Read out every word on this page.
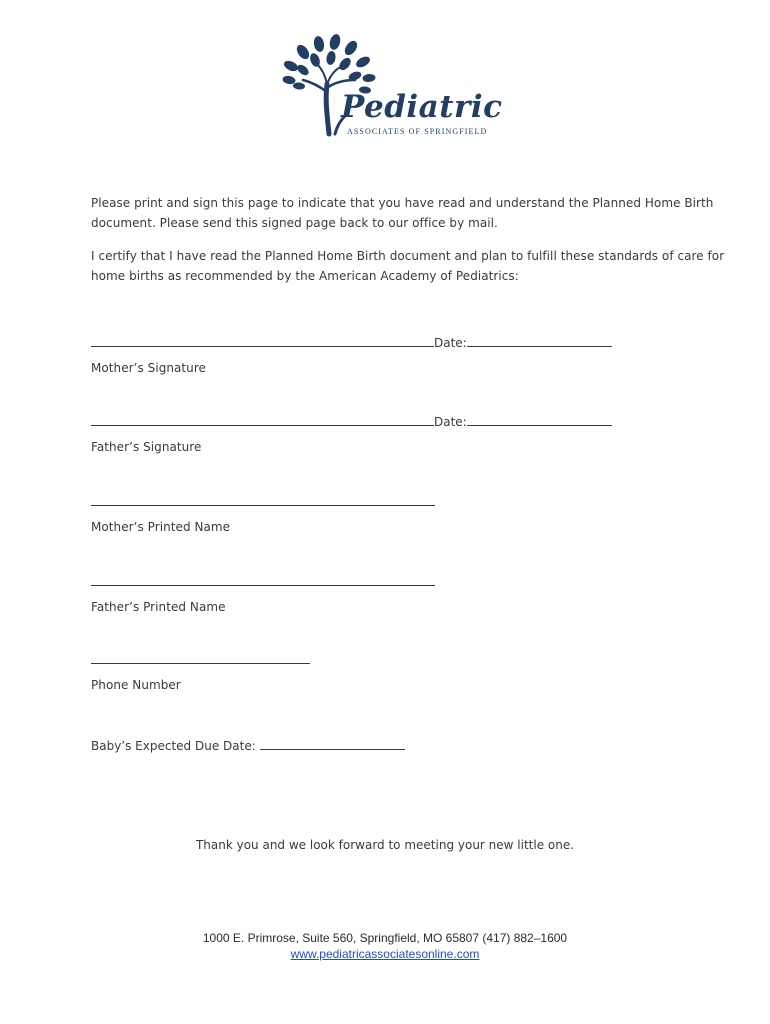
Pediatric
ASSOCIATES OF SPRINGFIELD
Please print and sign this page to indicate that you have read and understand the Planned Home Birth
document. Please send this signed page back to our office by mail.
I certify that I have read the Planned Home Birth document and plan to fulfill these standards of care for
home births as recommended by the American Academy of Pediatrics:
Date:
Mother’s Signature
Date:
Father’s Signature
Mother’s Printed Name
Father’s Printed Name
Phone Number
Baby’s Expected Due Date:
Thank you and we look forward to meeting your new little one.
1000 E. Primrose, Suite 560, Springfield, MO 65807 (417) 882–1600
www.pediatricassociatesonline.com
